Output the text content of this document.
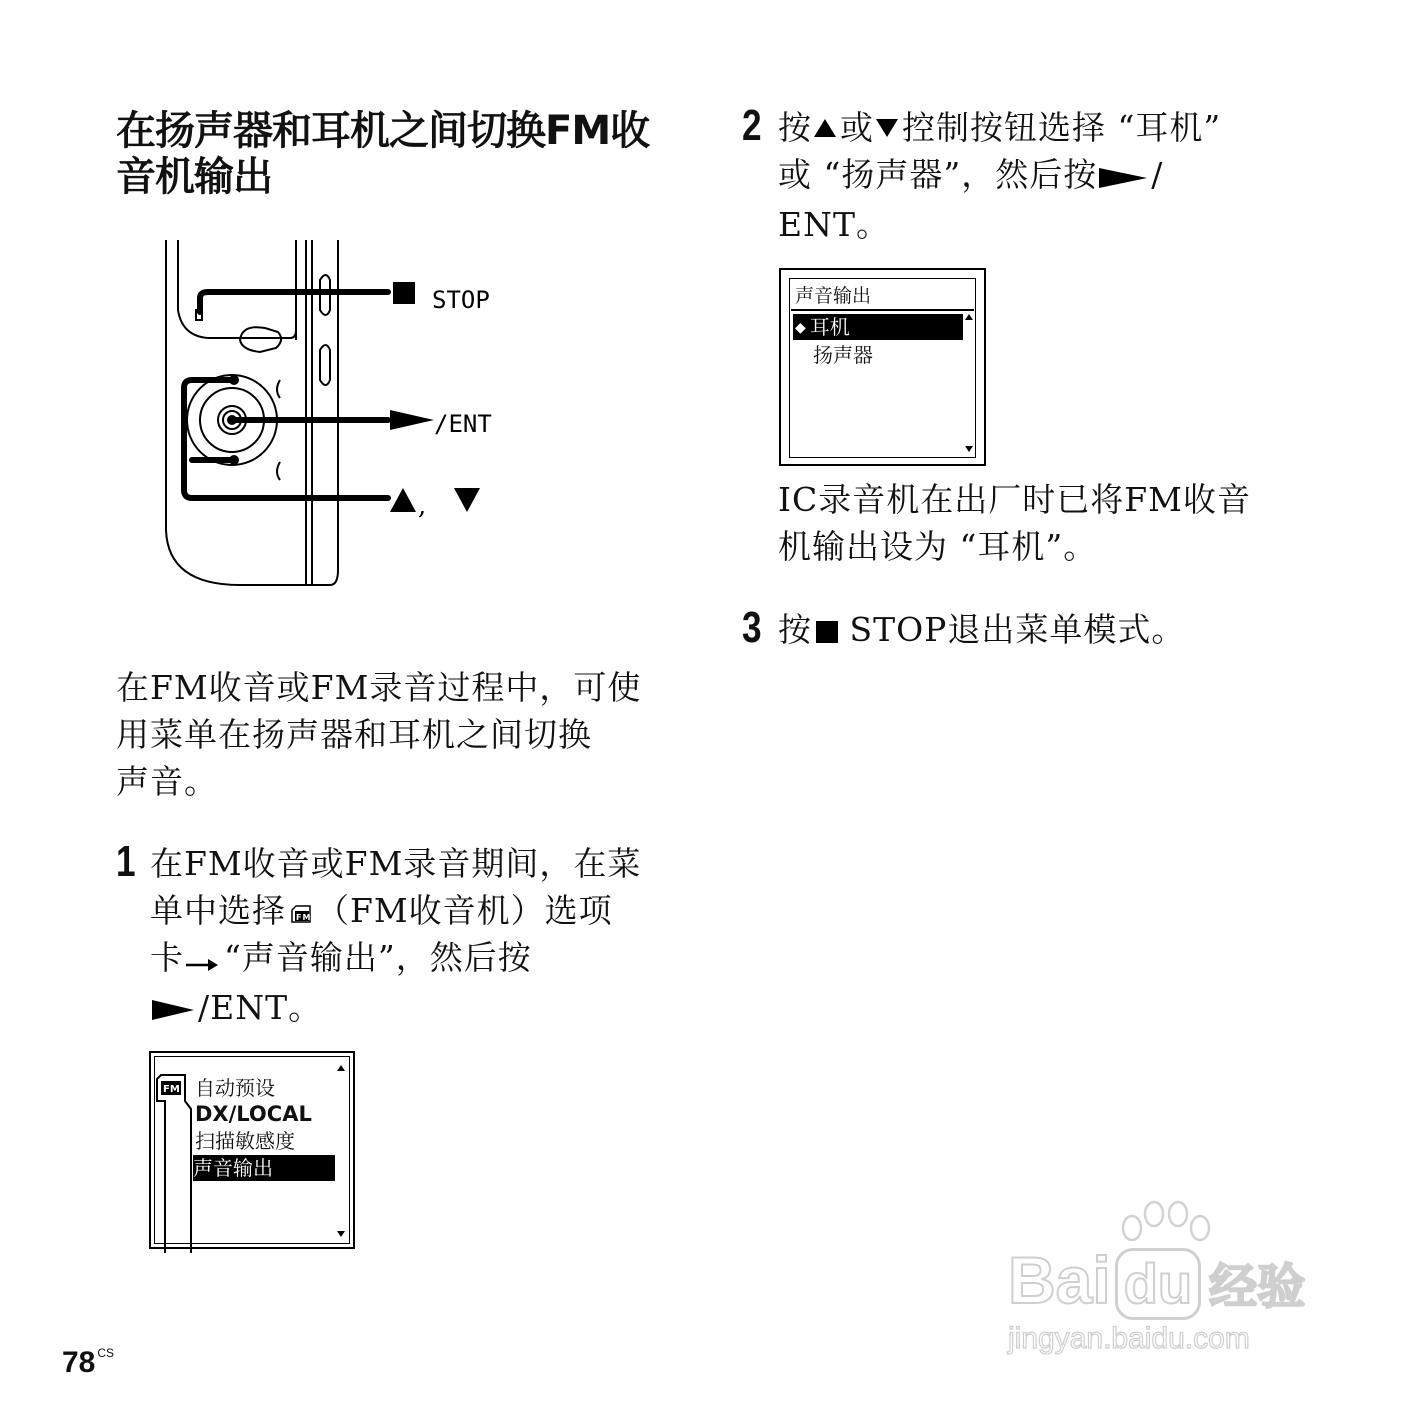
在扬声器和耳机之间切换FM收
音机输出
STOP
/ENT
,
在FM收音或FM录音过程中，可使
用菜单在扬声器和耳机之间切换
声音。
1 在FM收音或FM录音期间，在菜
单中选择 FM （FM收音机）选项
卡 “声音输出”，然后按
/ENT。
FM 自动预设
DX/LOCAL
扫描敏感度
声音输出
2 按 或 控制按钮选择 “耳机”
或 “扬声器”，然后按 /
ENT。
声音输出
◆ 耳机
扬声器
IC录音机在出厂时已将FM收音
机输出设为 “耳机”。
3 按 STOP退出菜单模式。
78 $^{CS}$
Bai du 经验
jingyan.baidu.com
